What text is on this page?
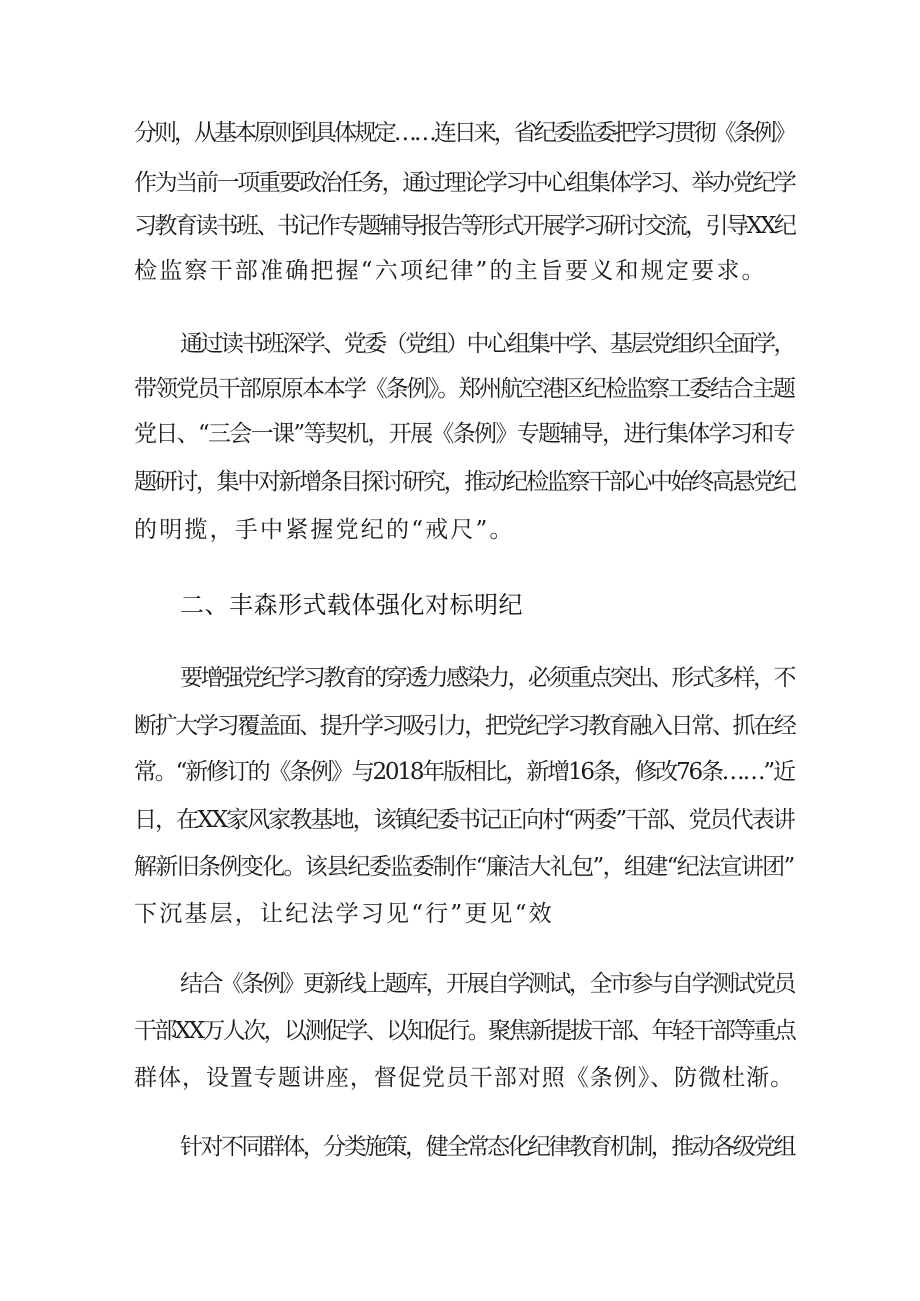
分则，从基本原则到具体规定……连日来，省纪委监委把学习贯彻《条例》
作为当前一项重要政治任务，通过理论学习中心组集体学习、举办党纪学
习教育读书班、书记作专题辅导报告等形式开展学习研讨交流，引导XX纪
检监察干部准确把握“六项纪律”的主旨要义和规定要求。
通过读书班深学、党委（党组）中心组集中学、基层党组织全面学，
带领党员干部原原本本学《条例》。郑州航空港区纪检监察工委结合主题
党日、“三会一课”等契机，开展《条例》专题辅导，进行集体学习和专
题研讨，集中对新增条目探讨研究，推动纪检监察干部心中始终高悬党纪
的明揽，手中紧握党纪的“戒尺”。
二、丰森形式载体强化对标明纪
要增强党纪学习教育的穿透力感染力，必须重点突出、形式多样，不
断扩大学习覆盖面、提升学习吸引力，把党纪学习教育融入日常、抓在经
常。“新修订的《条例》与2018年版相比，新增16条，修改76条……”近
日，在XX家风家教基地，该镇纪委书记正向村“两委”干部、党员代表讲
解新旧条例变化。该县纪委监委制作“廉洁大礼包”，组建“纪法宣讲团”
下沉基层，让纪法学习见“行”更见“效
结合《条例》更新线上题库，开展自学测试，全市参与自学测试党员
干部XX万人次，以测促学、以知促行。聚焦新提拔干部、年轻干部等重点
群体，设置专题讲座，督促党员干部对照《条例》、防微杜渐。
针对不同群体，分类施策，健全常态化纪律教育机制，推动各级党组
